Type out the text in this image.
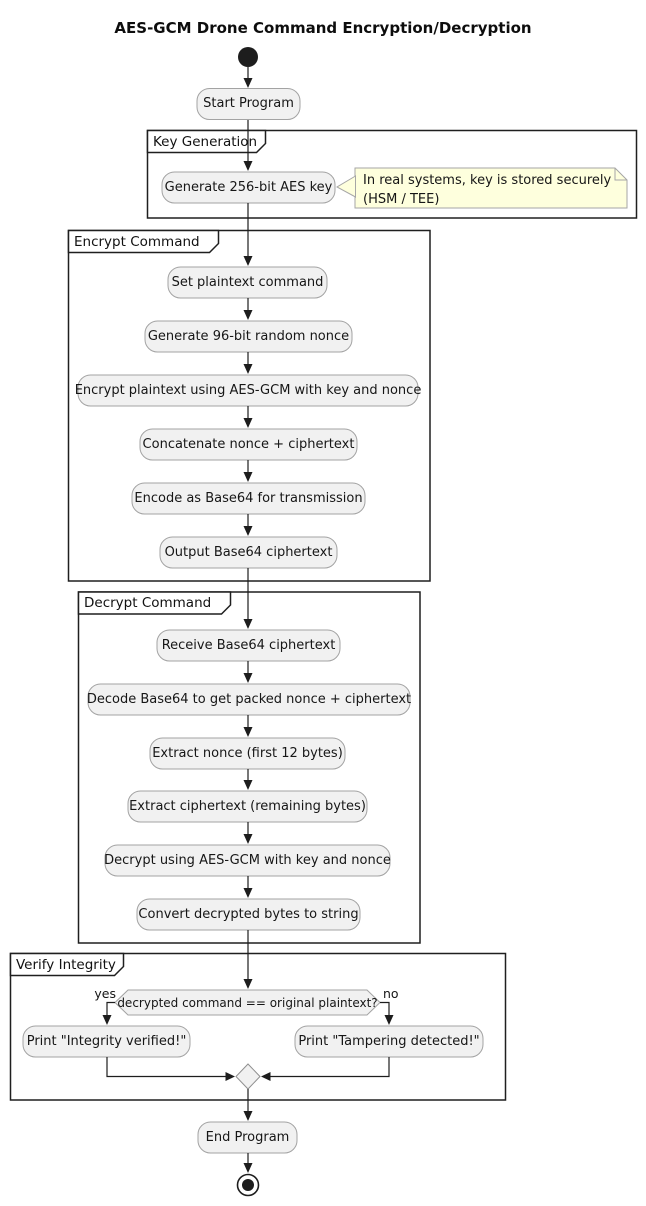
AES-GCM Drone Command Encryption/Decryption
Key Generation
Encrypt Command
Decrypt Command
Verify Integrity
Start Program
Generate 256-bit AES key
Set plaintext command
Generate 96-bit random nonce
Encrypt plaintext using AES-GCM with key and nonce
Concatenate nonce + ciphertext
Encode as Base64 for transmission
Output Base64 ciphertext
Receive Base64 ciphertext
Decode Base64 to get packed nonce + ciphertext
Extract nonce (first 12 bytes)
Extract ciphertext (remaining bytes)
Decrypt using AES-GCM with key and nonce
Convert decrypted bytes to string
Print "Integrity verified!"	Print "Tampering detected!"
End Program
decrypted command == original plaintext?
yes	no
In real systems, key is stored securely
(HSM / TEE)
